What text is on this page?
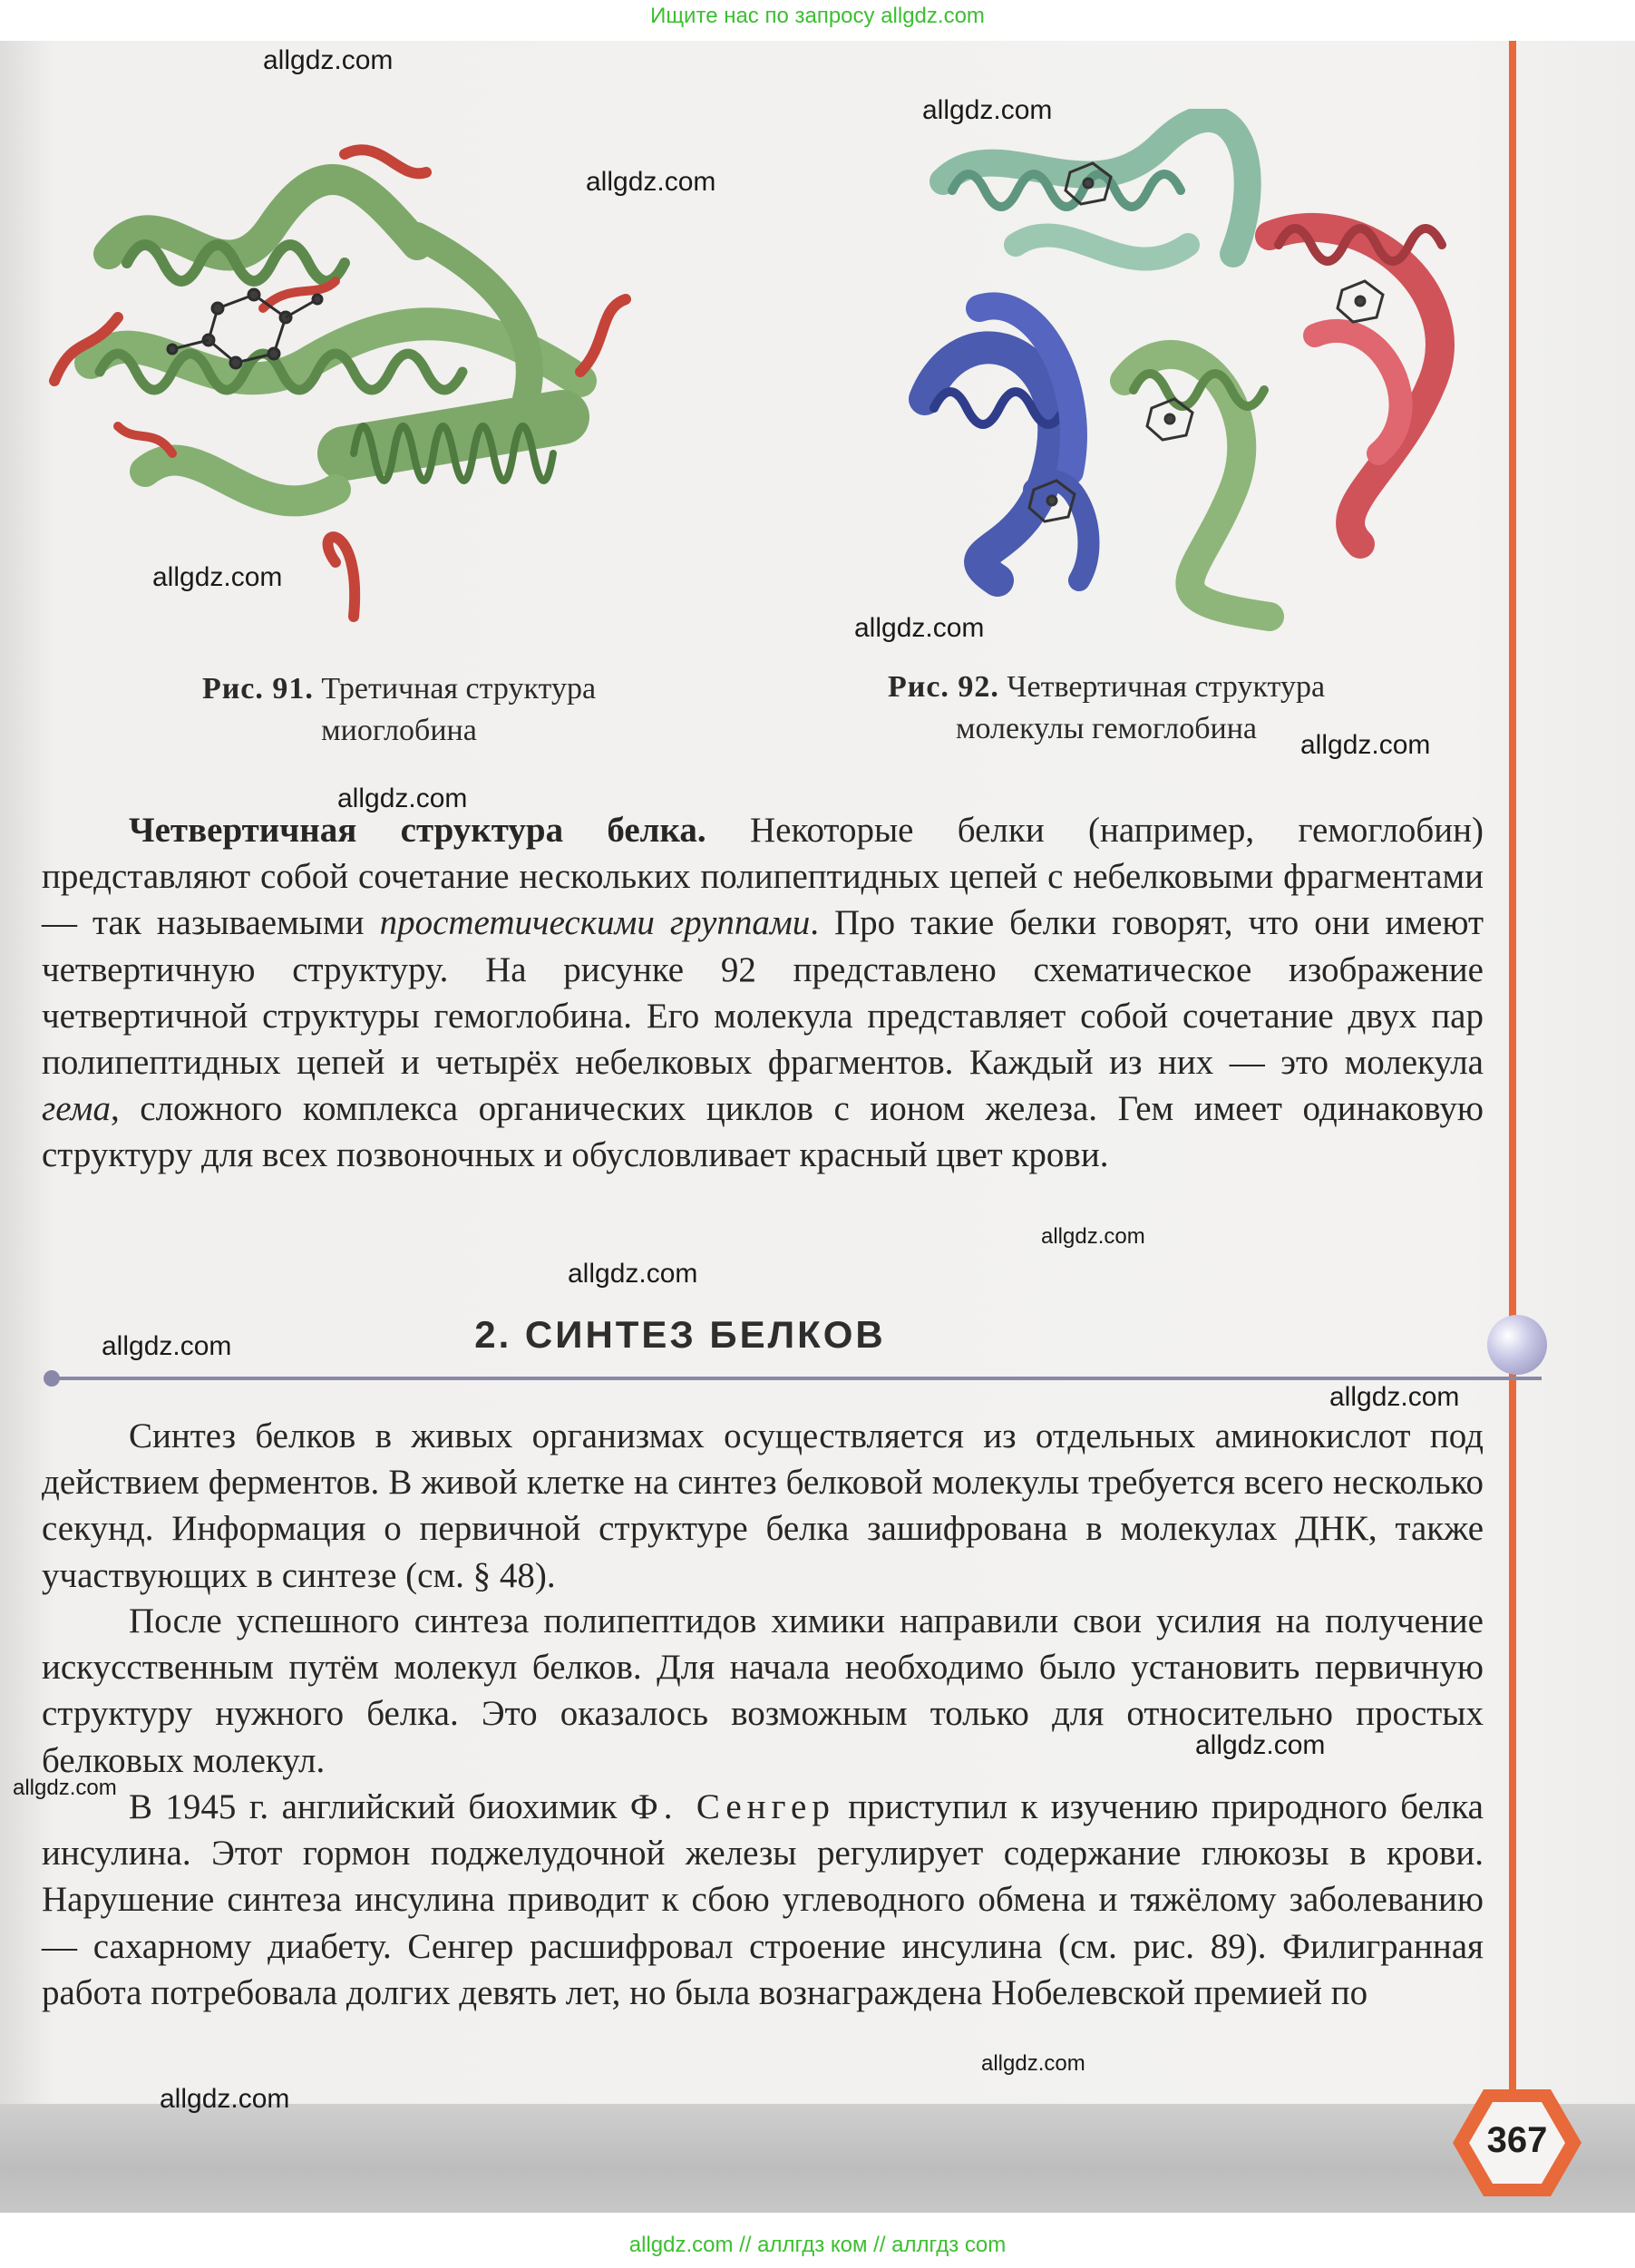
Ищите нас по запросу allgdz.com
Рис. 91. Третичная структура
миоглобина
Рис. 92. Четвертичная структура
молекулы гемоглобина

Четвертичная структура белка. Некоторые белки (например, гемоглобин) представляют собой сочетание нескольких полипептидных цепей с небелковыми фрагментами — так называемыми простетическими группами. Про такие белки говорят, что они имеют четвертичную структуру. На рисунке 92 представлено схематическое изображение четвертичной структуры гемоглобина. Его молекула представляет собой сочетание двух пар полипептидных цепей и четырёх небелковых фрагментов. Каждый из них — это молекула гема, сложного комплекса органических циклов с ионом железа. Гем имеет одинаковую структуру для всех позвоночных и обусловливает красный цвет крови.

2. СИНТЕЗ БЕЛКОВ

Синтез белков в живых организмах осуществляется из отдельных аминокислот под действием ферментов. В живой клетке на синтез белковой молекулы требуется всего несколько секунд. Информация о первичной структуре белка зашифрована в молекулах ДНК, также участвующих в синтезе (см. § 48).

После успешного синтеза полипептидов химики направили свои усилия на получение искусственным путём молекул белков. Для начала необходимо было установить первичную структуру нужного белка. Это оказалось возможным только для относительно простых белковых молекул.

В 1945 г. английский биохимик Ф. Сенгер приступил к изучению природного белка инсулина. Этот гормон поджелудочной железы регулирует содержание глюкозы в крови. Нарушение синтеза инсулина приводит к сбою углеводного обмена и тяжёлому заболеванию — сахарному диабету. Сенгер расшифровал строение инсулина (см. рис. 89). Филигранная работа потребовала долгих девять лет, но была вознаграждена Нобелевской премией по

367
allgdz.com // аллгдз ком // аллгдз com
allgdz.com
allgdz.com
allgdz.com
allgdz.com
allgdz.com
allgdz.com
allgdz.com
allgdz.com
allgdz.com
allgdz.com
allgdz.com
allgdz.com
allgdz.com
allgdz.com
allgdz.com
